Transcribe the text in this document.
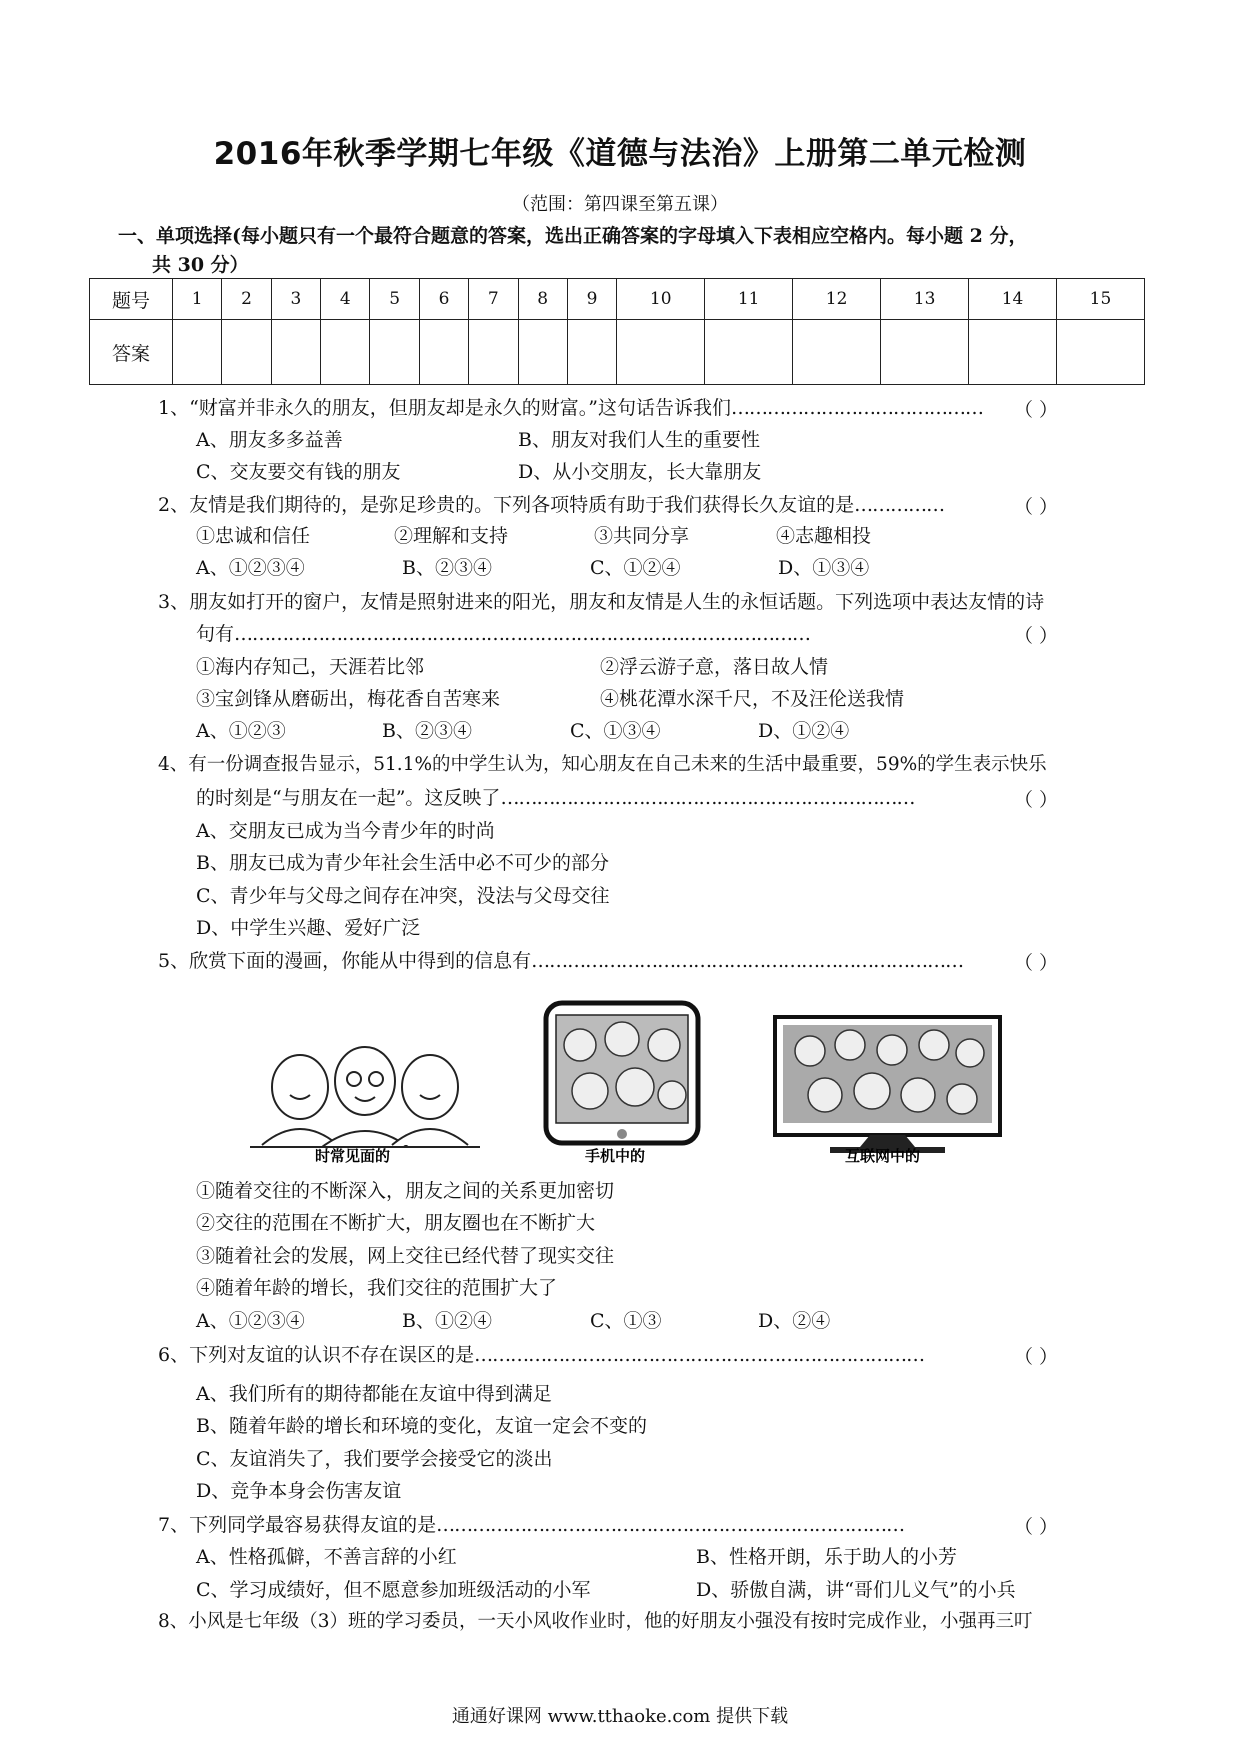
2016年秋季学期七年级《道德与法治》上册第二单元检测
（范围：第四课至第五课）
一、单项选择(每小题只有一个最符合题意的答案，选出正确答案的字母填入下表相应空格内。每小题 2 分，
共 30 分）
题号	1	2	3	4	5	6	7	8	9	10	11	12	13	14	15
答案															
1、“财富并非永久的朋友，但朋友却是永久的财富。”这句话告诉我们…………………………………… （ ）
A、朋友多多益善	B、朋友对我们人生的重要性
C、交友要交有钱的朋友	D、从小交朋友，长大靠朋友
2、友情是我们期待的，是弥足珍贵的。下列各项特质有助于我们获得长久友谊的是……………	（ ）
①忠诚和信任	②理解和支持	③共同分享	④志趣相投
A、①②③④	B、②③④	C、①②④	D、①③④
3、朋友如打开的窗户，友情是照射进来的阳光，朋友和友情是人生的永恒话题。下列选项中表达友情的诗
句有……………………………………………………………………………………	（ ）
①海内存知己，天涯若比邻	②浮云游子意，落日故人情
③宝剑锋从磨砺出，梅花香自苦寒来	④桃花潭水深千尺，不及汪伦送我情
A、①②③	B、②③④	C、①③④	D、①②④
4、有一份调查报告显示，51.1%的中学生认为，知心朋友在自己未来的生活中最重要，59%的学生表示快乐
的时刻是“与朋友在一起”。这反映了……………………………………………………………	（ ）
A、交朋友已成为当今青少年的时尚
B、朋友已成为青少年社会生活中必不可少的部分
C、青少年与父母之间存在冲突，没法与父母交往
D、中学生兴趣、爱好广泛
5、欣赏下面的漫画，你能从中得到的信息有………………………………………………………………	（ ）
时常见面的	手机中的	互联网中的
①随着交往的不断深入，朋友之间的关系更加密切
②交往的范围在不断扩大，朋友圈也在不断扩大
③随着社会的发展，网上交往已经代替了现实交往
④随着年龄的增长，我们交往的范围扩大了
A、①②③④	B、①②④	C、①③	D、②④
6、下列对友谊的认识不存在误区的是…………………………………………………………………	（ ）
A、我们所有的期待都能在友谊中得到满足
B、随着年龄的增长和环境的变化，友谊一定会不变的
C、友谊消失了，我们要学会接受它的淡出
D、竞争本身会伤害友谊
7、下列同学最容易获得友谊的是……………………………………………………………………	（ ）
A、性格孤僻，不善言辞的小红	B、性格开朗，乐于助人的小芳
C、学习成绩好，但不愿意参加班级活动的小军	D、骄傲自满，讲“哥们儿义气”的小兵
8、小风是七年级（3）班的学习委员，一天小风收作业时，他的好朋友小强没有按时完成作业，小强再三叮
通通好课网 www.tthaoke.com 提供下载
